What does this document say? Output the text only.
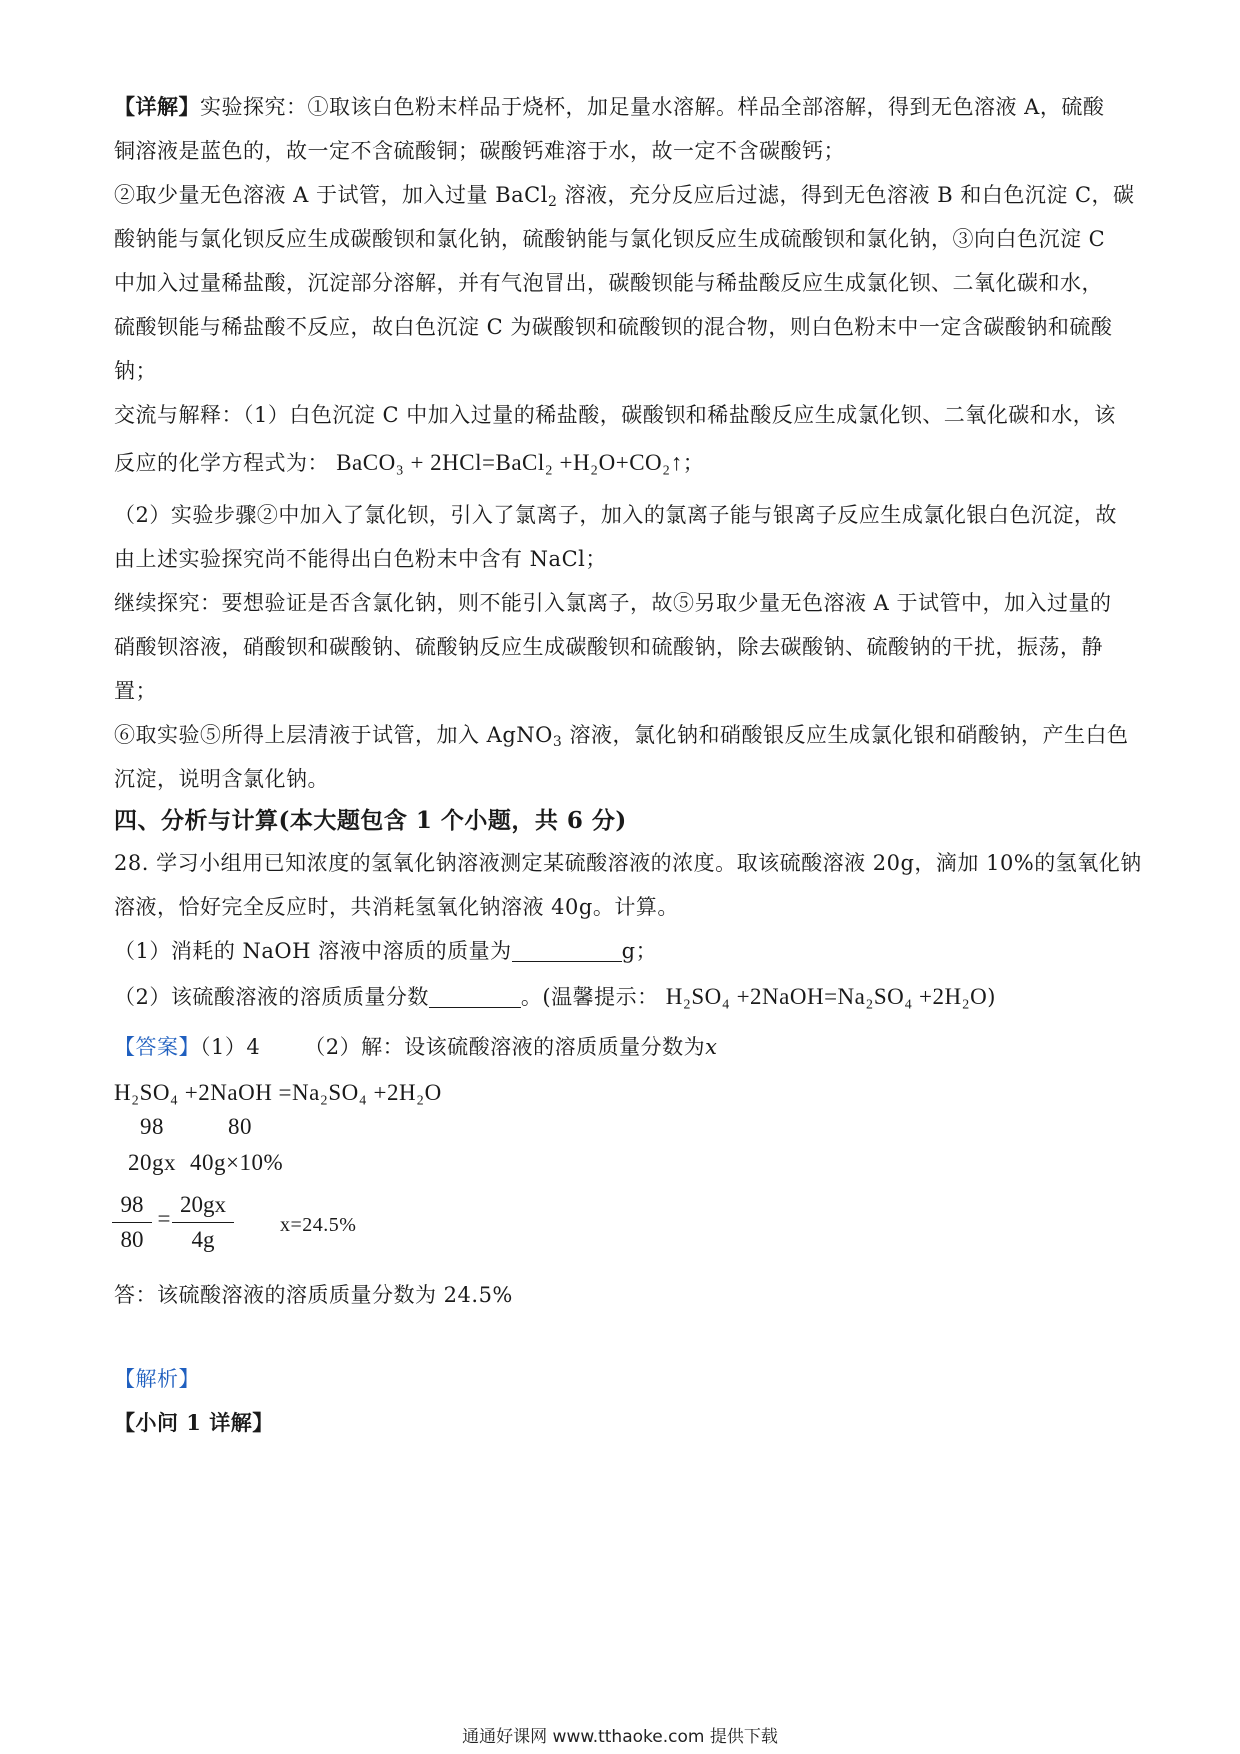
【详解】实验探究：①取该白色粉末样品于烧杯，加足量水溶解。样品全部溶解，得到无色溶液 A，硫酸
铜溶液是蓝色的，故一定不含硫酸铜；碳酸钙难溶于水，故一定不含碳酸钙；
②取少量无色溶液 A 于试管，加入过量 BaCl$_2$ 溶液，充分反应后过滤，得到无色溶液 B 和白色沉淀 C，碳
酸钠能与氯化钡反应生成碳酸钡和氯化钠，硫酸钠能与氯化钡反应生成硫酸钡和氯化钠，③向白色沉淀 C
中加入过量稀盐酸，沉淀部分溶解，并有气泡冒出，碳酸钡能与稀盐酸反应生成氯化钡、二氧化碳和水，
硫酸钡能与稀盐酸不反应，故白色沉淀 C 为碳酸钡和硫酸钡的混合物，则白色粉末中一定含碳酸钠和硫酸
钠；
交流与解释：（1）白色沉淀 C 中加入过量的稀盐酸，碳酸钡和稀盐酸反应生成氯化钡、二氧化碳和水，该
反应的化学方程式为： BaCO₃ + 2HCl=BaCl₂ +H₂O+CO₂↑；
（2）实验步骤②中加入了氯化钡，引入了氯离子，加入的氯离子能与银离子反应生成氯化银白色沉淀，故
由上述实验探究尚不能得出白色粉末中含有 NaCl；
继续探究：要想验证是否含氯化钠，则不能引入氯离子，故⑤另取少量无色溶液 A 于试管中，加入过量的
硝酸钡溶液，硝酸钡和碳酸钠、硫酸钠反应生成碳酸钡和硫酸钠，除去碳酸钠、硫酸钠的干扰，振荡，静
置；
⑥取实验⑤所得上层清液于试管，加入 AgNO$_3$ 溶液，氯化钠和硝酸银反应生成氯化银和硝酸钠，产生白色
沉淀，说明含氯化钠。
四、分析与计算(本大题包含 1 个小题，共 6 分)
28. 学习小组用已知浓度的氢氧化钠溶液测定某硫酸溶液的浓度。取该硫酸溶液 20g，滴加 10%的氢氧化钠
溶液，恰好完全反应时，共消耗氢氧化钠溶液 40g。计算。
（1）消耗的 NaOH 溶液中溶质的质量为	g；
（2）该硫酸溶液的溶质质量分数	。(温馨提示： H₂SO₄ +2NaOH=Na₂SO₄ +2H₂O)
【答案】（1）4 （2）解：设该硫酸溶液的溶质质量分数为x
H₂SO₄ +2NaOH =Na₂SO₄ +2H₂O
98	80
20gx 40g×10%
98
80
=
20gx
4g
x=24.5%
答：该硫酸溶液的溶质质量分数为 24.5%
【解析】
【小问 1 详解】
通通好课网 www.tthaoke.com 提供下载
